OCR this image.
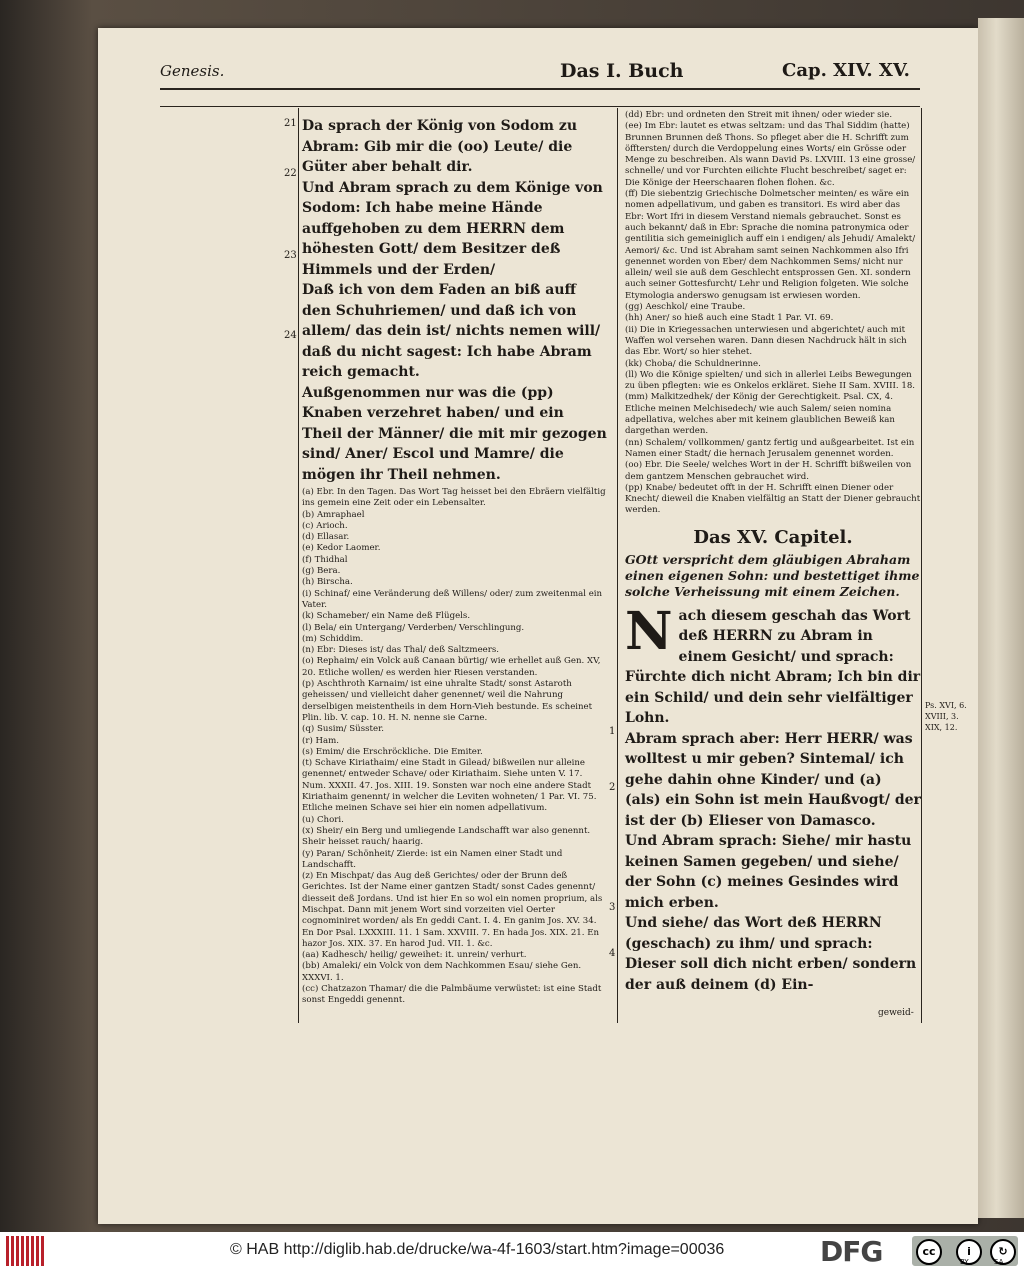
Genesis.	Das I. Buch	Cap. XIV. XV.

Da sprach der König von Sodom zu Abram: Gib mir die (oo) Leute/ die Güter aber behalt dir.

Und Abram sprach zu dem Könige von Sodom: Ich habe meine Hände auffgehoben zu dem HERRN dem höhesten Gott/ dem Besitzer deß Himmels und der Erden/

Daß ich von dem Faden an biß auff den Schuhriemen/ und daß ich von allem/ das dein ist/ nichts nemen will/ daß du nicht sagest: Ich habe Abram reich gemacht.

Außgenommen nur was die (pp) Knaben verzehret haben/ und ein Theil der Männer/ die mit mir gezogen sind/ Aner/ Escol und Mamre/ die mögen ihr Theil nehmen.

(a) Ebr. In den Tagen. Das Wort Tag heisset bei den Ebräern vielfältig ins gemein eine Zeit oder ein Lebensalter.

(b) Amraphael

(c) Arioch.

(d) Ellasar.

(e) Kedor Laomer.

(f) Thidhal

(g) Bera.

(h) Birscha.

(i) Schinaf/ eine Veränderung deß Willens/ oder/ zum zweitenmal ein Vater.

(k) Schameber/ ein Name deß Flügels.

(l) Bela/ ein Untergang/ Verderben/ Verschlingung.

(m) Schiddim.

(n) Ebr: Dieses ist/ das Thal/ deß Saltzmeers.

(o) Rephaim/ ein Volck auß Canaan bürtig/ wie erhellet auß Gen. XV, 20. Etliche wollen/ es werden hier Riesen verstanden.

(p) Aschthroth Karnaim/ ist eine uhralte Stadt/ sonst Astaroth geheissen/ und vielleicht daher genennet/ weil die Nahrung derselbigen meistentheils in dem Horn-Vieh bestunde. Es scheinet Plin. lib. V. cap. 10. H. N. nenne sie Carne.

(q) Susim/ Süsster.

(r) Ham.

(s) Emim/ die Erschröckliche. Die Emiter.

(t) Schave Kiriathaim/ eine Stadt in Gilead/ bißweilen nur alleine genennet/ entweder Schave/ oder Kiriathaim. Siehe unten V. 17. Num. XXXII. 47. Jos. XIII. 19. Sonsten war noch eine andere Stadt Kiriathaim genennt/ in welcher die Leviten wohneten/ 1 Par. VI. 75. Etliche meinen Schave sei hier ein nomen adpellativum.

(u) Chori.

(x) Sheir/ ein Berg und umliegende Landschafft war also genennt. Sheir heisset rauch/ haarig.

(y) Paran/ Schönheit/ Zierde: ist ein Namen einer Stadt und Landschafft.

(z) En Mischpat/ das Aug deß Gerichtes/ oder der Brunn deß Gerichtes. Ist der Name einer gantzen Stadt/ sonst Cades genennt/ diesseit deß Jordans. Und ist hier En so wol ein nomen proprium, als Mischpat. Dann mit jenem Wort sind vorzeiten viel Oerter cognominiret worden/ als En geddi Cant. I. 4. En ganim Jos. XV. 34. En Dor Psal. LXXXIII. 11. 1 Sam. XXVIII. 7. En hada Jos. XIX. 21. En hazor Jos. XIX. 37. En harod Jud. VII. 1. &c.

(aa) Kadhesch/ heilig/ geweihet: it. unrein/ verhurt.

(bb) Amaleki/ ein Volck von dem Nachkommen Esau/ siehe Gen. XXXVI. 1.

(cc) Chatzazon Thamar/ die die Palmbäume verwüstet: ist eine Stadt sonst Engeddi genennt.

21
22
23
24

(dd) Ebr: und ordneten den Streit mit ihnen/ oder wieder sie.

(ee) Im Ebr: lautet es etwas seltzam: und das Thal Siddim (hatte) Brunnen Brunnen deß Thons. So pfleget aber die H. Schrifft zum öfftersten/ durch die Verdoppelung eines Worts/ ein Grösse oder Menge zu beschreiben. Als wann David Ps. LXVIII. 13 eine grosse/ schnelle/ und vor Furchten eilichte Flucht beschreibet/ saget er: Die Könige der Heerschaaren flohen flohen. &c.

(ff) Die siebentzig Griechische Dolmetscher meinten/ es wäre ein nomen adpellativum, und gaben es transitori. Es wird aber das Ebr: Wort Ifri in diesem Verstand niemals gebrauchet. Sonst es auch bekannt/ daß in Ebr: Sprache die nomina patronymica oder gentilitia sich gemeiniglich auff ein i endigen/ als Jehudi/ Amalekt/ Aemori/ &c. Und ist Abraham samt seinen Nachkommen also Ifri genennet worden von Eber/ dem Nachkommen Sems/ nicht nur allein/ weil sie auß dem Geschlecht entsprossen Gen. XI. sondern auch seiner Gottesfurcht/ Lehr und Religion folgeten. Wie solche Etymologia anderswo genugsam ist erwiesen worden.

(gg) Aeschkol/ eine Traube.

(hh) Aner/ so hieß auch eine Stadt 1 Par. VI. 69.

(ii) Die in Kriegessachen unterwiesen und abgerichtet/ auch mit Waffen wol versehen waren. Dann diesen Nachdruck hält in sich das Ebr. Wort/ so hier stehet.

(kk) Choba/ die Schuldnerinne.

(ll) Wo die Könige spielten/ und sich in allerlei Leibs Bewegungen zu üben pflegten: wie es Onkelos erkläret. Siehe II Sam. XVIII. 18.

(mm) Malkitzedhek/ der König der Gerechtigkeit. Psal. CX, 4. Etliche meinen Melchisedech/ wie auch Salem/ seien nomina adpellativa, welches aber mit keinem glaublichen Beweiß kan dargethan werden.

(nn) Schalem/ vollkommen/ gantz fertig und außgearbeitet. Ist ein Namen einer Stadt/ die hernach Jerusalem genennet worden.

(oo) Ebr. Die Seele/ welches Wort in der H. Schrifft bißweilen von dem gantzem Menschen gebrauchet wird.

(pp) Knabe/ bedeutet offt in der H. Schrifft einen Diener oder Knecht/ dieweil die Knaben vielfältig an Statt der Diener gebraucht werden.

Das XV. Capitel.

GOtt verspricht dem gläubigen Abraham einen eigenen Sohn: und bestettiget ihme solche Verheissung mit einem Zeichen.

N ach diesem geschah das Wort deß HERRN zu Abram in einem Gesicht/ und sprach: Fürchte dich nicht Abram; Ich bin dir ein Schild/ und dein sehr vielfältiger Lohn.

Abram sprach aber: Herr HERR/ was wolltest u mir geben? Sintemal/ ich gehe dahin ohne Kinder/ und (a) (als) ein Sohn ist mein Haußvogt/ der ist der (b) Elieser von Damasco.

Und Abram sprach: Siehe/ mir hastu keinen Samen gegeben/ und siehe/ der Sohn (c) meines Gesindes wird mich erben.

Und siehe/ das Wort deß HERRN (geschach) zu ihm/ und sprach: Dieser soll dich nicht erben/ sondern der auß deinem (d) Ein-

1
2
3
4
Ps. XVI, 6. XVIII, 3. XIX, 12.
geweid-
© HAB http://diglib.hab.de/drucke/wa-4f-1603/start.htm?image=00036	DFG	cc	i	↻
BY	SA
